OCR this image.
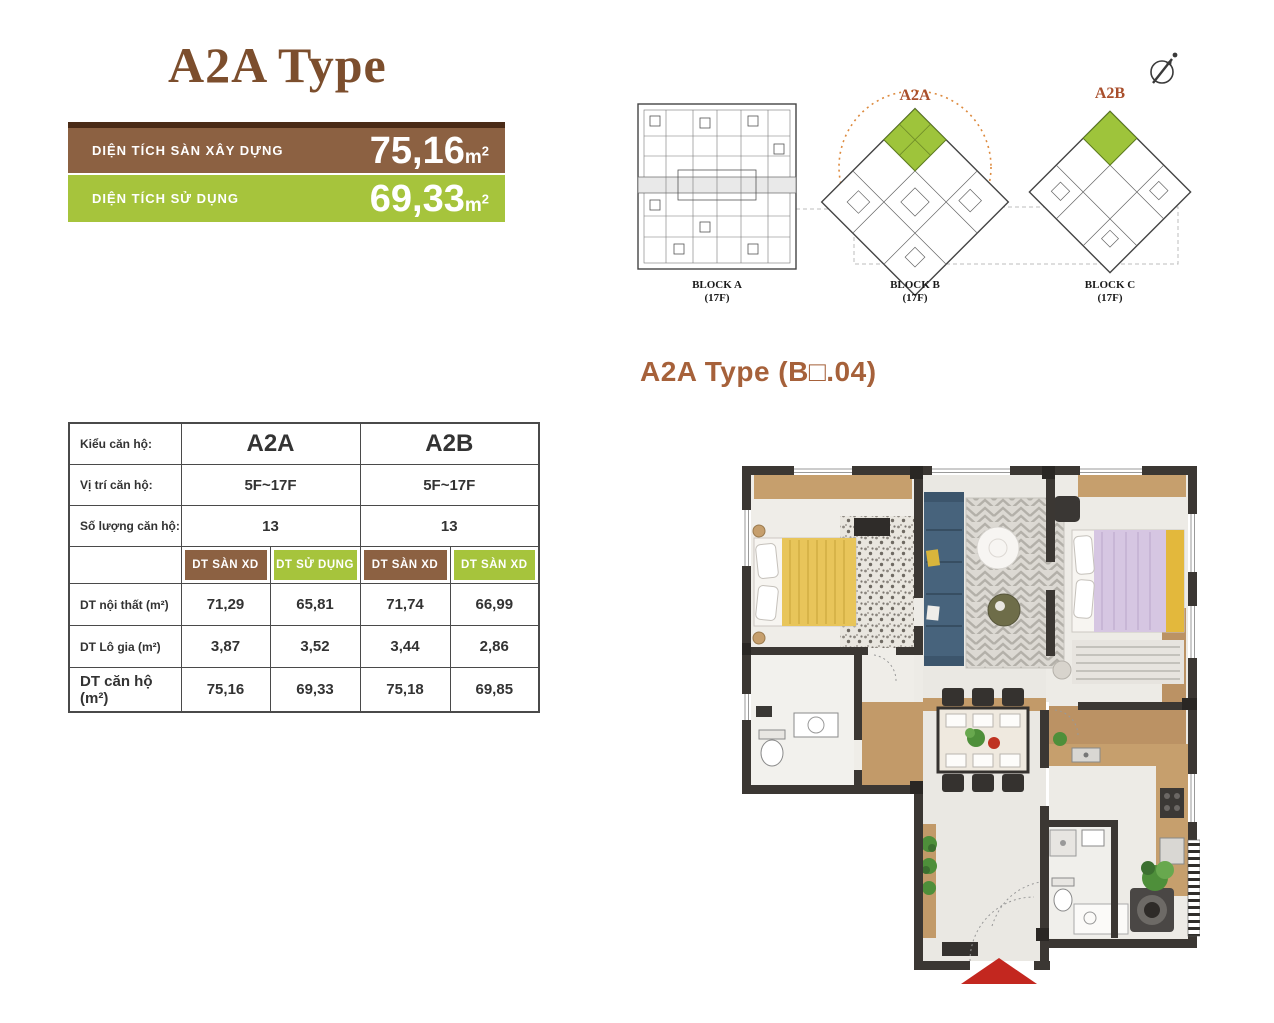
A2A Type
DIỆN TÍCH SÀN XÂY DỰNG $75,16m^2$
DIỆN TÍCH SỬ DỤNG	$69,33m^2$
A2A	A2B
BLOCK A
(17F)
BLOCK B
(17F)
BLOCK C
(17F)
A2A Type (B□.04)
Kiểu căn hộ:	A2A		A2B	
Vị trí căn hộ:	5F~17F		5F~17F	
Số lượng căn hộ:	13		13	

	DT SÀN XD	DT SỬ DỤNG	DT SÀN XD	DT SÀN XD

DT nội thất (m²)	71,29	65,81	71,74	66,99
DT Lô gia (m²)	3,87	3,52	3,44	2,86
DT căn hộ (m²)	75,16	69,33	75,18	69,85
